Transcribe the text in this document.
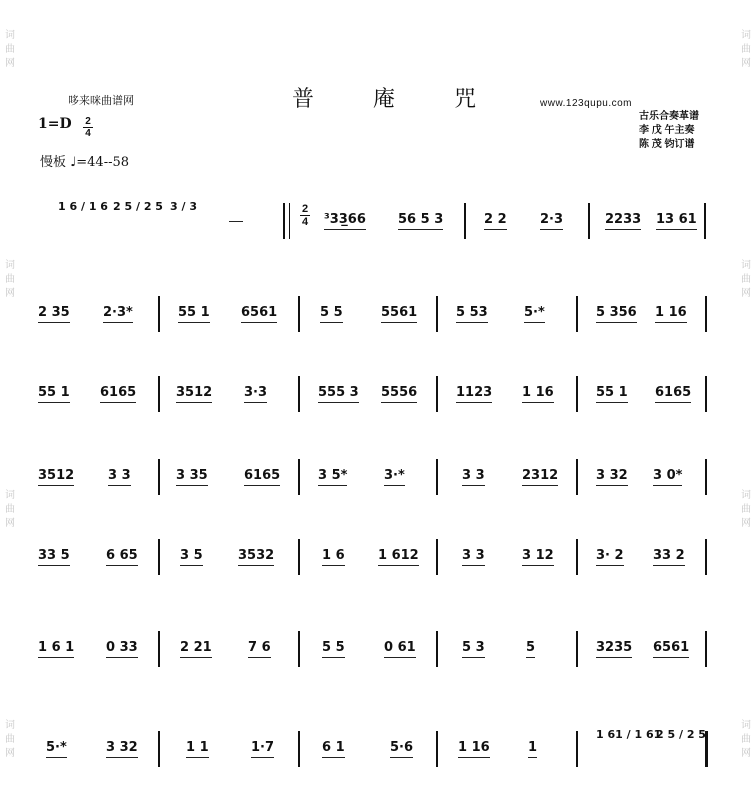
词
曲
网
词
曲
网
词
曲
网
词
曲
网
词
曲
网
词
曲
网
词
曲
网
词
曲
网
哆来咪曲谱网	普 庵 咒	www.123qupu.com
古乐合奏革谱
李 戊 午主奏
陈 茂 钧订谱
$1=D \frac{2}{4}$
慢板 ♩=44--58
1 6 / 1 6 2 5 / 2 5 3 / 3
—
2
4 ³33̲66 56 5 3	2 2	2·3	2233 13 61
2 35	2·3*	55 1 6561	5 5	5561	5 53	5·*	5 356 1 16
55 1 6165	3512 3·3	555 3 5556	1123 1 16	55 1 6165
3512	3 3	3 35	6165	3 5*	3·*	3 3	2312	3 32 3 0*
33 5	6 65	3 5	3532	1 6	1 612	3 3	3 12	3· 2 33 2
1 6 1 0 33	2 21	7 6	5 5	0 61	5 3	5	3235 6561
5·*	3 32	1 1	1·7	6 1	5·6	1 16	1
1 61 / 1 61
2 5 / 2 5
